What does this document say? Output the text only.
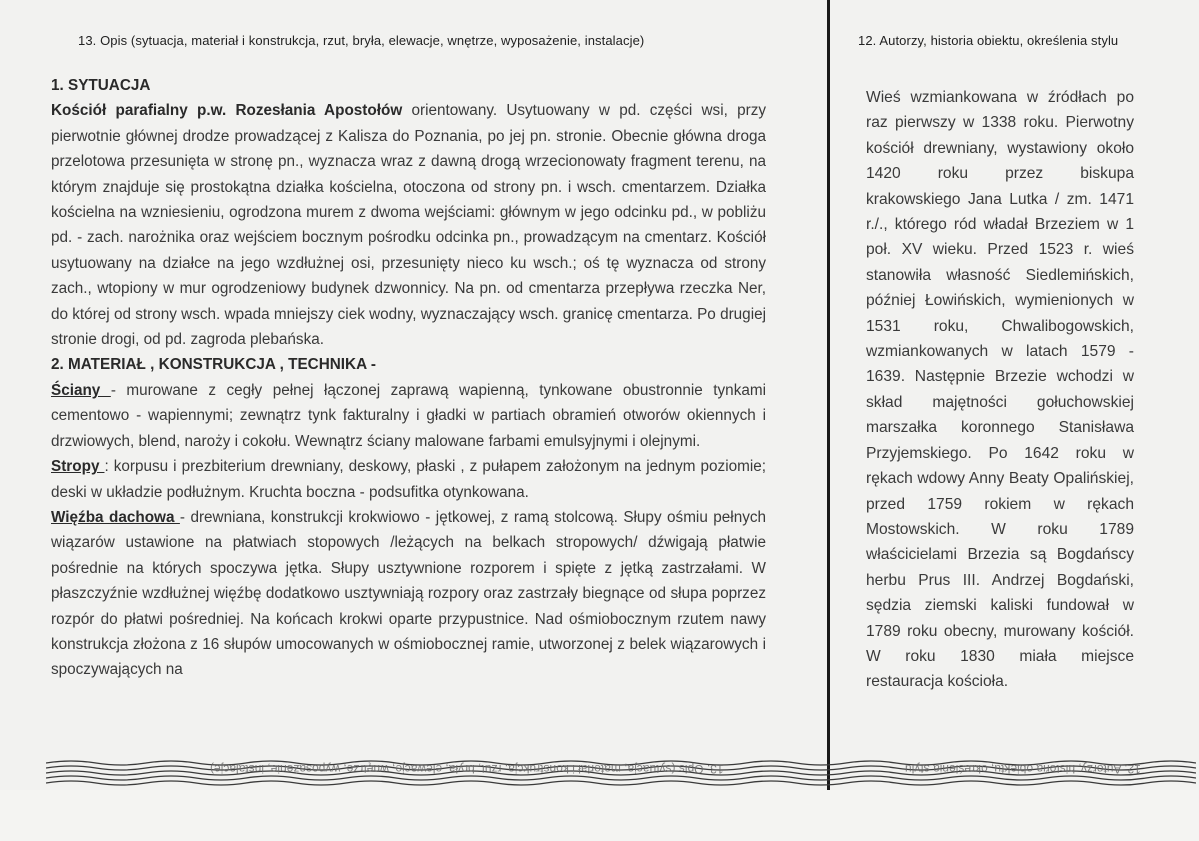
13. Opis (sytuacja, materiał i konstrukcja, rzut, bryła, elewacje, wnętrze, wyposażenie, instalacje)	12. Autorzy, historia obiektu, określenia stylu

1. SYTUACJA

Kościół parafialny p.w. Rozesłania Apostołów orientowany. Usytuowany w pd. części wsi, przy pierwotnie głównej drodze prowadzącej z Kalisza do Poznania, po jej pn. stronie. Obecnie główna droga przelotowa przesunięta w stronę pn., wyznacza wraz z dawną drogą wrzecionowaty fragment terenu, na którym znajduje się prostokątna działka kościelna, otoczona od strony pn. i wsch. cmentarzem. Działka kościelna na wzniesieniu, ogrodzona murem z dwoma wejściami: głównym w jego odcinku pd., w pobliżu pd. - zach. narożnika oraz wejściem bocznym pośrodku odcinka pn., prowadzącym na cmentarz. Kościół usytuowany na działce na jego wzdłużnej osi, przesunięty nieco ku wsch.; oś tę wyznacza od strony zach., wtopiony w mur ogrodzeniowy budynek dzwonnicy. Na pn. od cmentarza przepływa rzeczka Ner, do której od strony wsch. wpada mniejszy ciek wodny, wyznaczający wsch. granicę cmentarza. Po drugiej stronie drogi, od pd. zagroda plebańska.

2. MATERIAŁ , KONSTRUKCJA , TECHNIKA -

Ściany - murowane z cegły pełnej łączonej zaprawą wapienną, tynkowane obustronnie tynkami cementowo - wapiennymi; zewnątrz tynk fakturalny i gładki w partiach obramień otworów okiennych i drzwiowych, blend, naroży i cokołu. Wewnątrz ściany malowane farbami emulsyjnymi i olejnymi.

Stropy : korpusu i prezbiterium drewniany, deskowy, płaski , z pułapem założonym na jednym poziomie; deski w układzie podłużnym. Kruchta boczna - podsufitka otynkowana.

Więźba dachowa - drewniana, konstrukcji krokwiowo - jętkowej, z ramą stolcową. Słupy ośmiu pełnych wiązarów ustawione na płatwiach stopowych /leżących na belkach stropowych/ dźwigają płatwie pośrednie na których spoczywa jętka. Słupy usztywnione rozporem i spięte z jętką zastrzałami. W płaszczyźnie wzdłużnej więźbę dodatkowo usztywniają rozpory oraz zastrzały biegnące od słupa poprzez rozpór do płatwi pośredniej. Na końcach krokwi oparte przypustnice. Nad ośmiobocznym rzutem nawy konstrukcja złożona z 16 słupów umocowanych w ośmiobocznej ramie, utworzonej z belek wiązarowych i spoczywających na

Wieś wzmiankowana w źródłach po raz pierwszy w 1338 roku. Pierwotny kościół drewniany, wystawiony około 1420 roku przez biskupa krakowskiego Jana Lutka / zm. 1471 r./., którego ród władał Brzeziem w 1 poł. XV wieku. Przed 1523 r. wieś stanowiła własność Siedlemińskich, później Łowińskich, wymienionych w 1531 roku, Chwalibogowskich, wzmiankowanych w latach 1579 - 1639. Następnie Brzezie wchodzi w skład majętności gołuchowskiej marszałka koronnego Stanisława Przyjemskiego. Po 1642 roku w rękach wdowy Anny Beaty Opalińskiej, przed 1759 rokiem w rękach Mostowskich. W roku 1789 właścicielami Brzezia są Bogdańscy herbu Prus III. Andrzej Bogdański, sędzia ziemski kaliski fundował w 1789 roku obecny, murowany kościół. W roku 1830 miała miejsce restauracja kościoła.
13. Opis (sytuacja, materiał i konstrukcja, rzut, bryła, elewacje, wnętrze, wyposażenie, instalacje)	12. Autorzy, historia obiektu, określenia stylu
